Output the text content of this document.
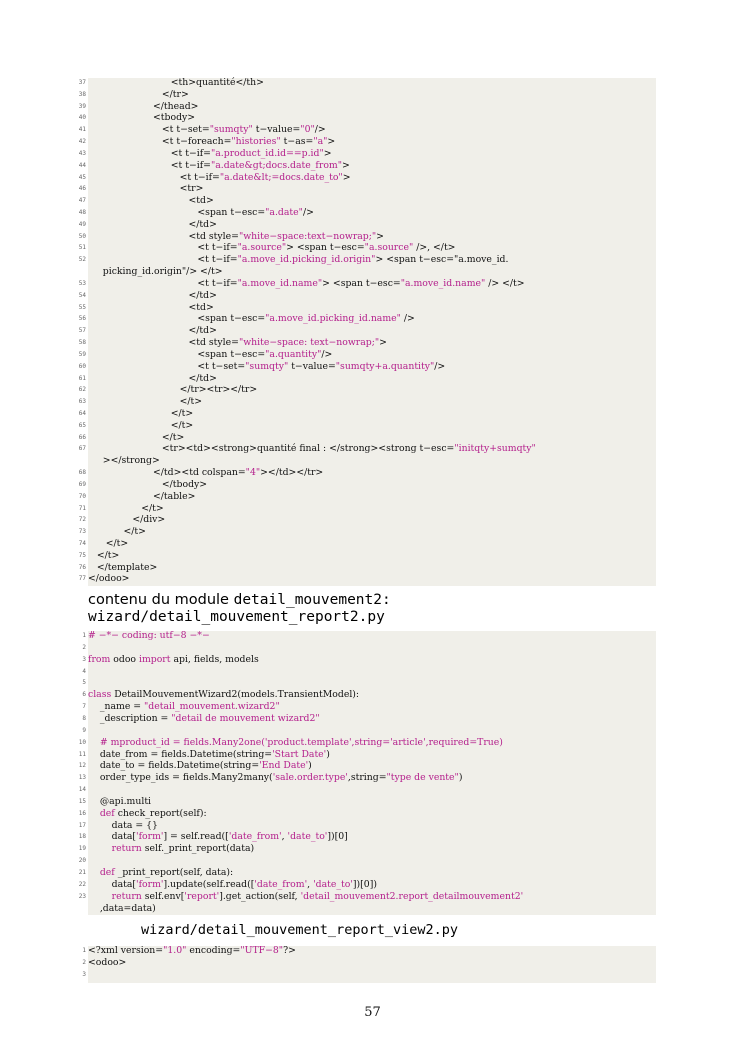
37 <th>quantité</th>
38 </tr>
39 </thead>
40 <tbody>
41 <t t−set="sumqty" t−value="0"/>
42 <t t−foreach="histories" t−as="a">
43 <t t−if="a.product_id.id==p.id">
44 <t t−if="a.date&gt;docs.date_from">
45 <t t−if="a.date&lt;=docs.date_to">
46 <tr>
47 <td>
48 <span t−esc="a.date"/>
49 </td>
50 <td style="white−space:text−nowrap;">
51 <t t−if="a.source"> <span t−esc="a.source" />, </t>
52 <t t−if="a.move_id.picking_id.origin"> <span t−esc="a.move_id.
picking_id.origin"/> </t>
53 <t t−if="a.move_id.name"> <span t−esc="a.move_id.name" /> </t>
54 </td>
55 <td>
56 <span t−esc="a.move_id.picking_id.name" />
57 </td>
58 <td style="white−space: text−nowrap;">
59 <span t−esc="a.quantity"/>
60 <t t−set="sumqty" t−value="sumqty+a.quantity"/>
61 </td>
62 </tr><tr></tr>
63 </t>
64 </t>
65 </t>
66 </t>
67 <tr><td><strong>quantité final : </strong><strong t−esc="initqty+sumqty"
></strong>
68 </td><td colspan="4"></td></tr>
69 </tbody>
70 </table>
71 </t>
72 </div>
73 </t>
74 </t>
75 </t>
76 </template>
77 </odoo>
contenu du module detail_mouvement2:
wizard/detail_mouvement_report2.py
1 # −*− coding: utf−8 −*−
2
3 from odoo import api, fields, models
4
5
6 class DetailMouvementWizard2(models.TransientModel):
7 _name = "detail_mouvement.wizard2"
8 _description = "detail de mouvement wizard2"
9
10	# mproduct_id = fields.Many2one('product.template',string='article',required=True)
11 date_from = fields.Datetime(string='Start Date')
12 date_to = fields.Datetime(string='End Date')
13 order_type_ids = fields.Many2many('sale.order.type',string="type de vente")
14
15 @api.multi
16	def check_report(self):
17 data = {}
18 data['form'] = self.read(['date_from', 'date_to'])[0]
19	return self._print_report(data)
20
21	def _print_report(self, data):
22 data['form'].update(self.read(['date_from', 'date_to'])[0])
23	return self.env['report'].get_action(self, 'detail_mouvement2.report_detailmouvement2'
,data=data)
wizard/detail_mouvement_report_view2.py
1 <?xml version="1.0" encoding="UTF−8"?>
2 <odoo>
3
57
